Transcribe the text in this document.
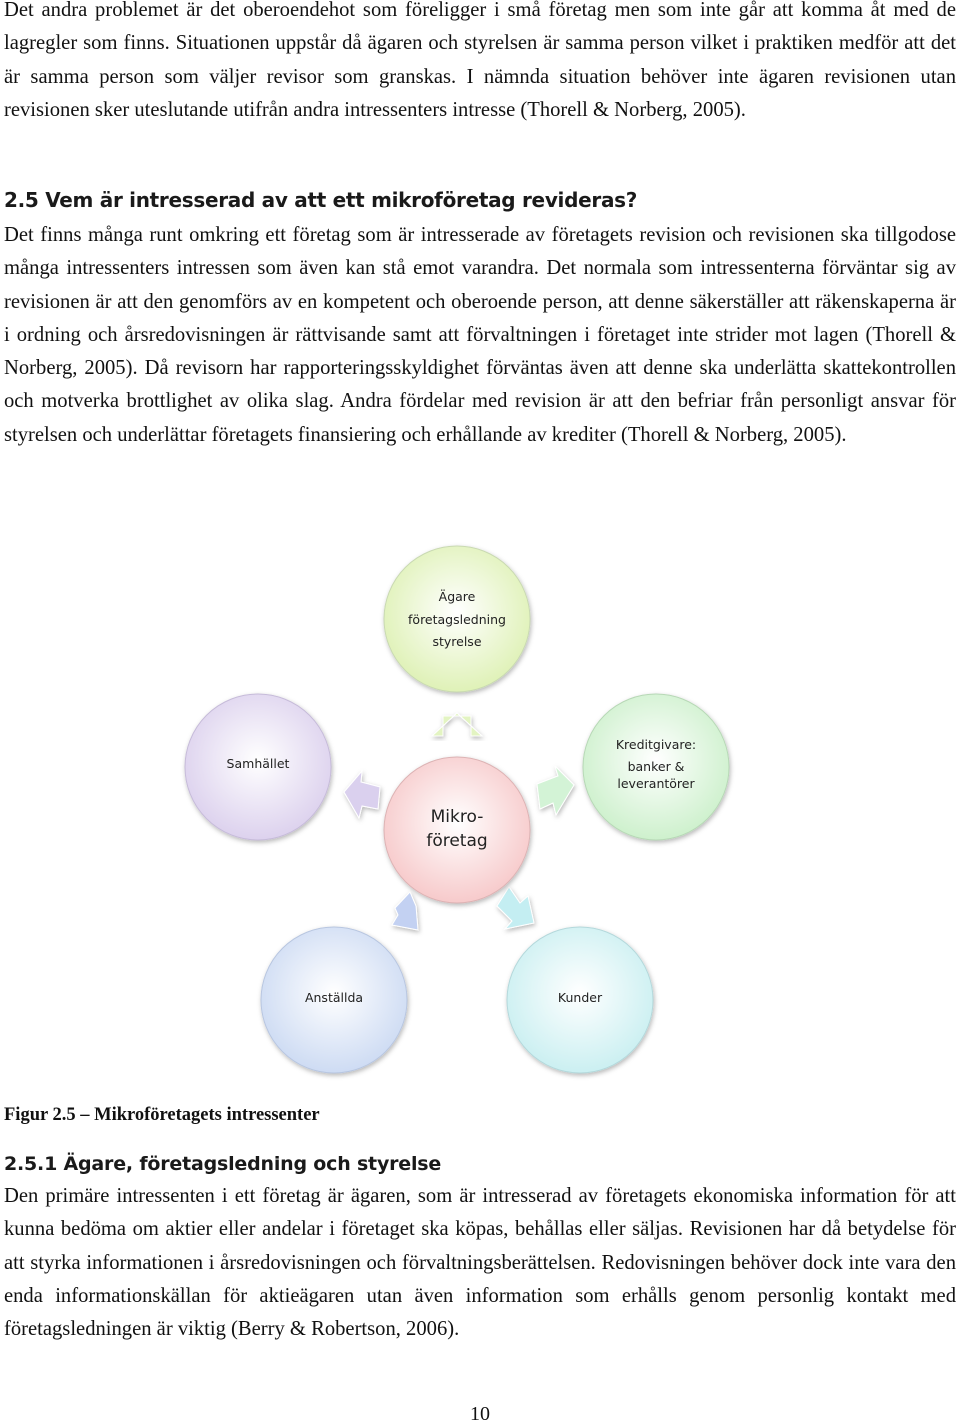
Det andra problemet är det oberoendehot som föreligger i små företag men som inte går att komma åt med de lagregler som finns. Situationen uppstår då ägaren och styrelsen är samma person vilket i praktiken medför att det är samma person som väljer revisor som granskas. I nämnda situation behöver inte ägaren revisionen utan revisionen sker uteslutande utifrån andra intressenters intresse (Thorell & Norberg, 2005).

2.5 Vem är intresserad av att ett mikroföretag revideras?

Det finns många runt omkring ett företag som är intresserade av företagets revision och revisionen ska tillgodose många intressenters intressen som även kan stå emot varandra. Det normala som intressenterna förväntar sig av revisionen är att den genomförs av en kompetent och oberoende person, att denne säkerställer att räkenskaperna är i ordning och årsredovisningen är rättvisande samt att förvaltningen i företaget inte strider mot lagen (Thorell & Norberg, 2005). Då revisorn har rapporteringsskyldighet förväntas även att denne ska underlätta skattekontrollen och motverka brottlighet av olika slag. Andra fördelar med revision är att den befriar från personligt ansvar för styrelsen och underlättar företagets finansiering och erhållande av krediter (Thorell & Norberg, 2005).

Ägare
företagsledning
styrelse
Kreditgivare:
banker &
leverantörer
Kunder
Anställda
Samhället
Mikro-
företag

Figur 2.5 – Mikroföretagets intressenter

2.5.1 Ägare, företagsledning och styrelse

Den primäre intressenten i ett företag är ägaren, som är intresserad av företagets ekonomiska information för att kunna bedöma om aktier eller andelar i företaget ska köpas, behållas eller säljas. Revisionen har då betydelse för att styrka informationen i årsredovisningen och förvaltningsberättelsen. Redovisningen behöver dock inte vara den enda informationskällan för aktieägaren utan även information som erhålls genom personlig kontakt med företagsledningen är viktig (Berry & Robertson, 2006).

10
